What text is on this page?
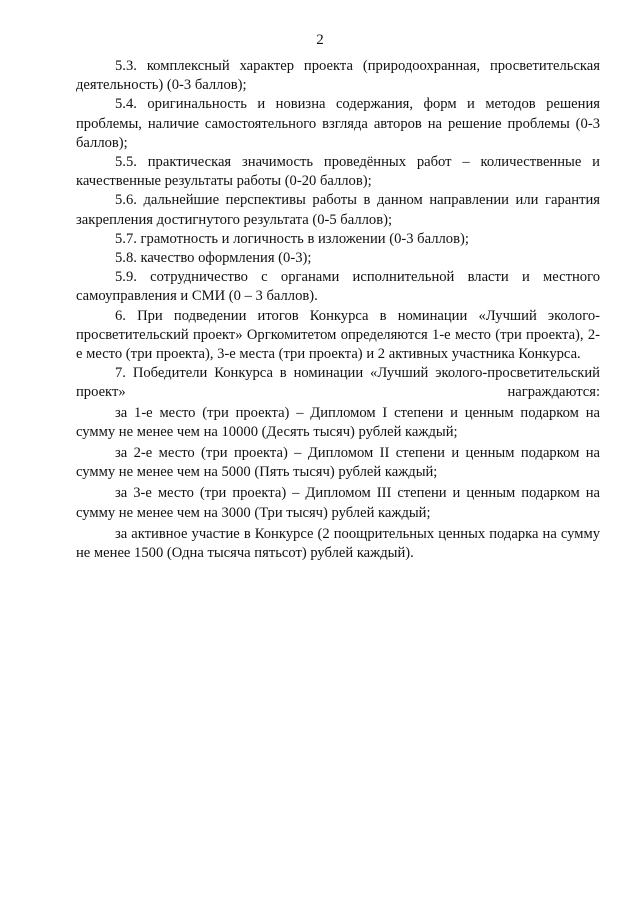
2

5.3. комплексный характер проекта (природоохранная, просветительская деятельность) (0-3 баллов);

5.4. оригинальность и новизна содержания, форм и методов решения проблемы, наличие самостоятельного взгляда авторов на решение проблемы (0-3 баллов);

5.5. практическая значимость проведённых работ – количественные и качественные результаты работы (0-20 баллов);

5.6. дальнейшие перспективы работы в данном направлении или гарантия закрепления достигнутого результата (0-5 баллов);

5.7. грамотность и логичность в изложении (0-3 баллов);

5.8. качество оформления (0-3);

5.9. сотрудничество с органами исполнительной власти и местного самоуправления и СМИ (0 – 3 баллов).

6. При подведении итогов Конкурса в номинации «Лучший эколого-просветительский проект» Оргкомитетом определяются 1-е место (три проекта), 2-е место (три проекта), 3-е места (три проекта) и 2 активных участника Конкурса.

7. Победители Конкурса в номинации «Лучший эколого-просветительский проект» награждаются:

за 1-е место (три проекта) – Дипломом I степени и ценным подарком на сумму не менее чем на 10000 (Десять тысяч) рублей каждый;

за 2-е место (три проекта) – Дипломом II степени и ценным подарком на сумму не менее чем на 5000 (Пять тысяч) рублей каждый;

за 3-е место (три проекта) – Дипломом III степени и ценным подарком на сумму не менее чем на 3000 (Три тысяч) рублей каждый;

за активное участие в Конкурсе (2 поощрительных ценных подарка на сумму не менее 1500 (Одна тысяча пятьсот) рублей каждый).
